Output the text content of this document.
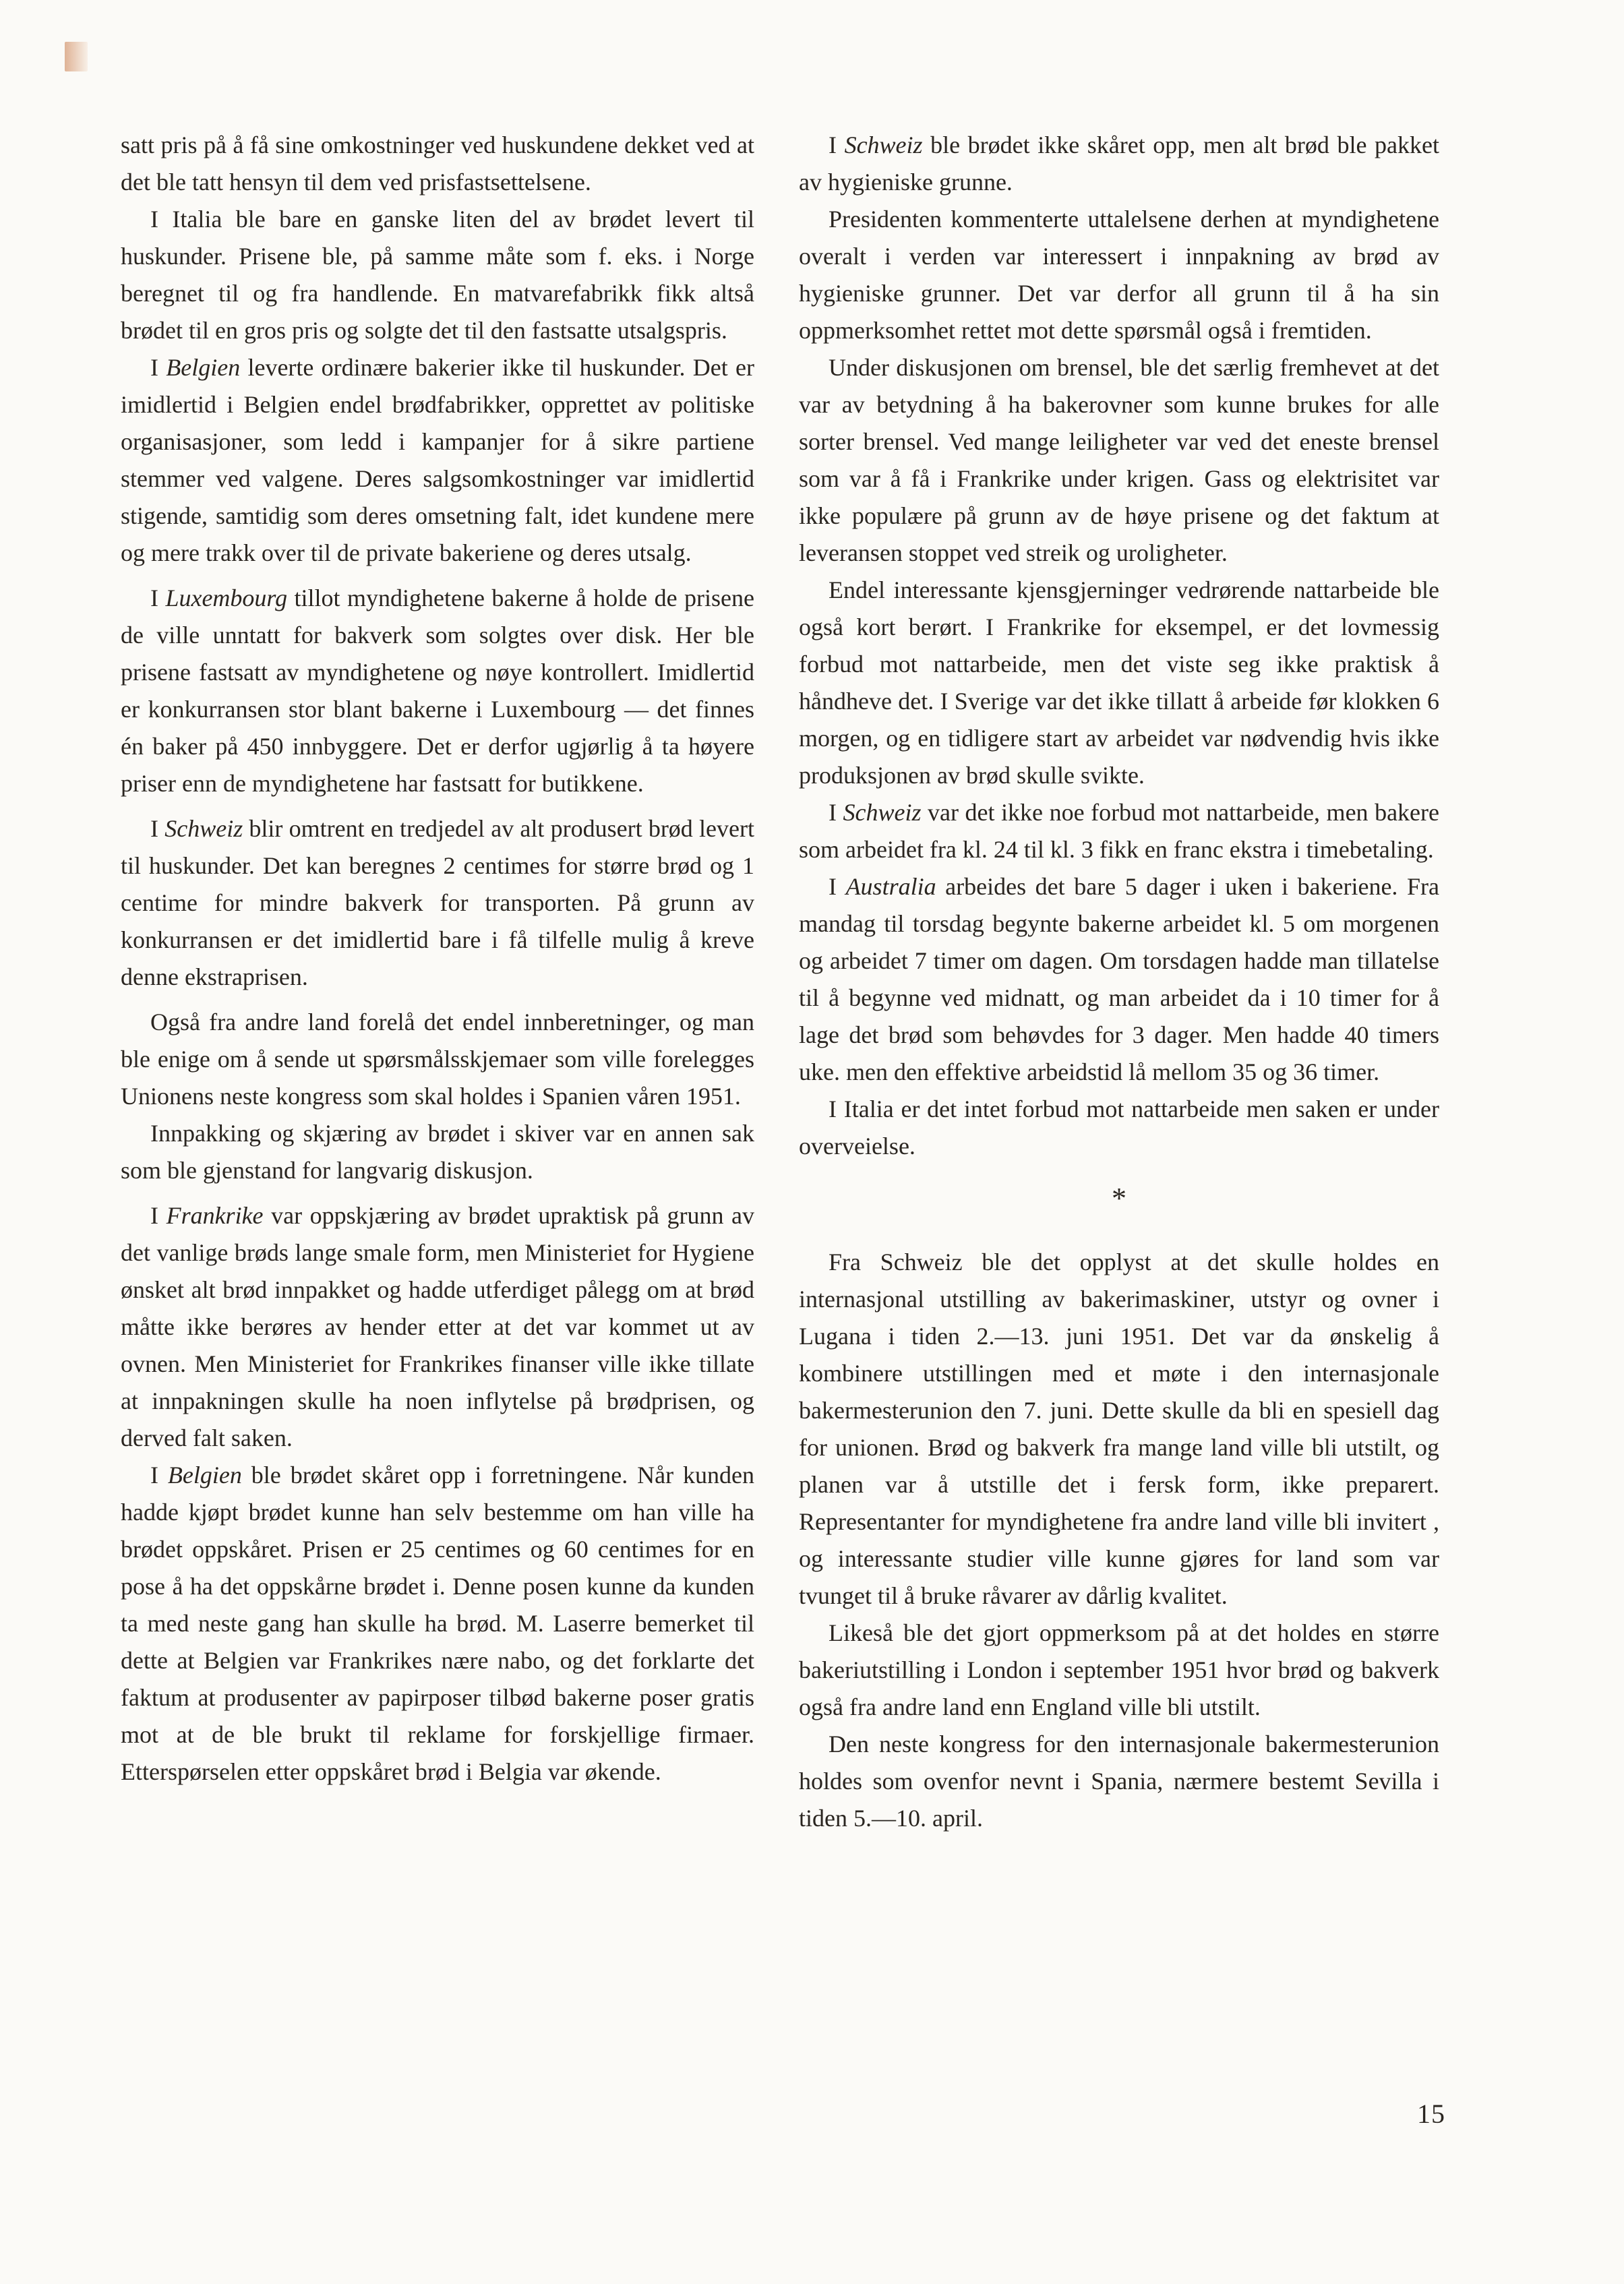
satt pris på å få sine omkostninger ved huskundene dekket ved at det ble tatt hensyn til dem ved prisfastsettelsene.

I Italia ble bare en ganske liten del av brødet levert til huskunder. Prisene ble, på samme måte som f. eks. i Norge beregnet til og fra handlende. En matvarefabrikk fikk altså brødet til en gros pris og solgte det til den fastsatte utsalgspris.

I Belgien leverte ordinære bakerier ikke til huskunder. Det er imidlertid i Belgien endel brødfabrikker, opprettet av politiske organisasjoner, som ledd i kampanjer for å sikre partiene stemmer ved valgene. Deres salgsomkostninger var imidlertid stigende, samtidig som deres omsetning falt, idet kundene mere og mere trakk over til de private bakeriene og deres utsalg.

I Luxembourg tillot myndighetene bakerne å holde de prisene de ville unntatt for bakverk som solgtes over disk. Her ble prisene fastsatt av myndighetene og nøye kontrollert. Imidlertid er konkurransen stor blant bakerne i Luxembourg — det finnes én baker på 450 innbyggere. Det er derfor ugjørlig å ta høyere priser enn de myndighetene har fastsatt for butikkene.

I Schweiz blir omtrent en tredjedel av alt produsert brød levert til huskunder. Det kan beregnes 2 centimes for større brød og 1 centime for mindre bakverk for transporten. På grunn av konkurransen er det imidlertid bare i få tilfelle mulig å kreve denne ekstraprisen.

Også fra andre land forelå det endel innberetninger, og man ble enige om å sende ut spørsmålsskjemaer som ville forelegges Unionens neste kongress som skal holdes i Spanien våren 1951.

Innpakking og skjæring av brødet i skiver var en annen sak som ble gjenstand for langvarig diskusjon.

I Frankrike var oppskjæring av brødet upraktisk på grunn av det vanlige brøds lange smale form, men Ministeriet for Hygiene ønsket alt brød innpakket og hadde utferdiget pålegg om at brød måtte ikke berøres av hender etter at det var kommet ut av ovnen. Men Ministeriet for Frankrikes finanser ville ikke tillate at innpakningen skulle ha noen inflytelse på brødprisen, og derved falt saken.

I Belgien ble brødet skåret opp i forretningene. Når kunden hadde kjøpt brødet kunne han selv bestemme om han ville ha brødet oppskåret. Prisen er 25 centimes og 60 centimes for en pose å ha det oppskårne brødet i. Denne posen kunne da kunden ta med neste gang han skulle ha brød. M. Laserre bemerket til dette at Belgien var Frankrikes nære nabo, og det forklarte det faktum at produsenter av papirposer tilbød bakerne poser gratis mot at de ble brukt til reklame for forskjellige firmaer. Etterspørselen etter oppskåret brød i Belgia var økende.

I Schweiz ble brødet ikke skåret opp, men alt brød ble pakket av hygieniske grunne.

Presidenten kommenterte uttalelsene derhen at myndighetene overalt i verden var interessert i innpakning av brød av hygieniske grunner. Det var derfor all grunn til å ha sin oppmerksomhet rettet mot dette spørsmål også i fremtiden.

Under diskusjonen om brensel, ble det særlig fremhevet at det var av betydning å ha bakerovner som kunne brukes for alle sorter brensel. Ved mange leiligheter var ved det eneste brensel som var å få i Frankrike under krigen. Gass og elektrisitet var ikke populære på grunn av de høye prisene og det faktum at leveransen stoppet ved streik og uroligheter.

Endel interessante kjensgjerninger vedrørende nattarbeide ble også kort berørt. I Frankrike for eksempel, er det lovmessig forbud mot nattarbeide, men det viste seg ikke praktisk å håndheve det. I Sverige var det ikke tillatt å arbeide før klokken 6 morgen, og en tidligere start av arbeidet var nødvendig hvis ikke produksjonen av brød skulle svikte.

I Schweiz var det ikke noe forbud mot nattarbeide, men bakere som arbeidet fra kl. 24 til kl. 3 fikk en franc ekstra i timebetaling.

I Australia arbeides det bare 5 dager i uken i bakeriene. Fra mandag til torsdag begynte bakerne arbeidet kl. 5 om morgenen og arbeidet 7 timer om dagen. Om torsdagen hadde man tillatelse til å begynne ved midnatt, og man arbeidet da i 10 timer for å lage det brød som behøvdes for 3 dager. Men hadde 40 timers uke. men den effektive arbeidstid lå mellom 35 og 36 timer.

I Italia er det intet forbud mot nattarbeide men saken er under overveielse.

*

Fra Schweiz ble det opplyst at det skulle holdes en internasjonal utstilling av bakerimaskiner, utstyr og ovner i Lugana i tiden 2.—13. juni 1951. Det var da ønskelig å kombinere utstillingen med et møte i den internasjonale bakermesterunion den 7. juni. Dette skulle da bli en spesiell dag for unionen. Brød og bakverk fra mange land ville bli utstilt, og planen var å utstille det i fersk form, ikke preparert. Representanter for myndighetene fra andre land ville bli invitert , og interessante studier ville kunne gjøres for land som var tvunget til å bruke råvarer av dårlig kvalitet.

Likeså ble det gjort oppmerksom på at det holdes en større bakeriutstilling i London i september 1951 hvor brød og bakverk også fra andre land enn England ville bli utstilt.

Den neste kongress for den internasjonale bakermesterunion holdes som ovenfor nevnt i Spania, nærmere bestemt Sevilla i tiden 5.—10. april.

15
